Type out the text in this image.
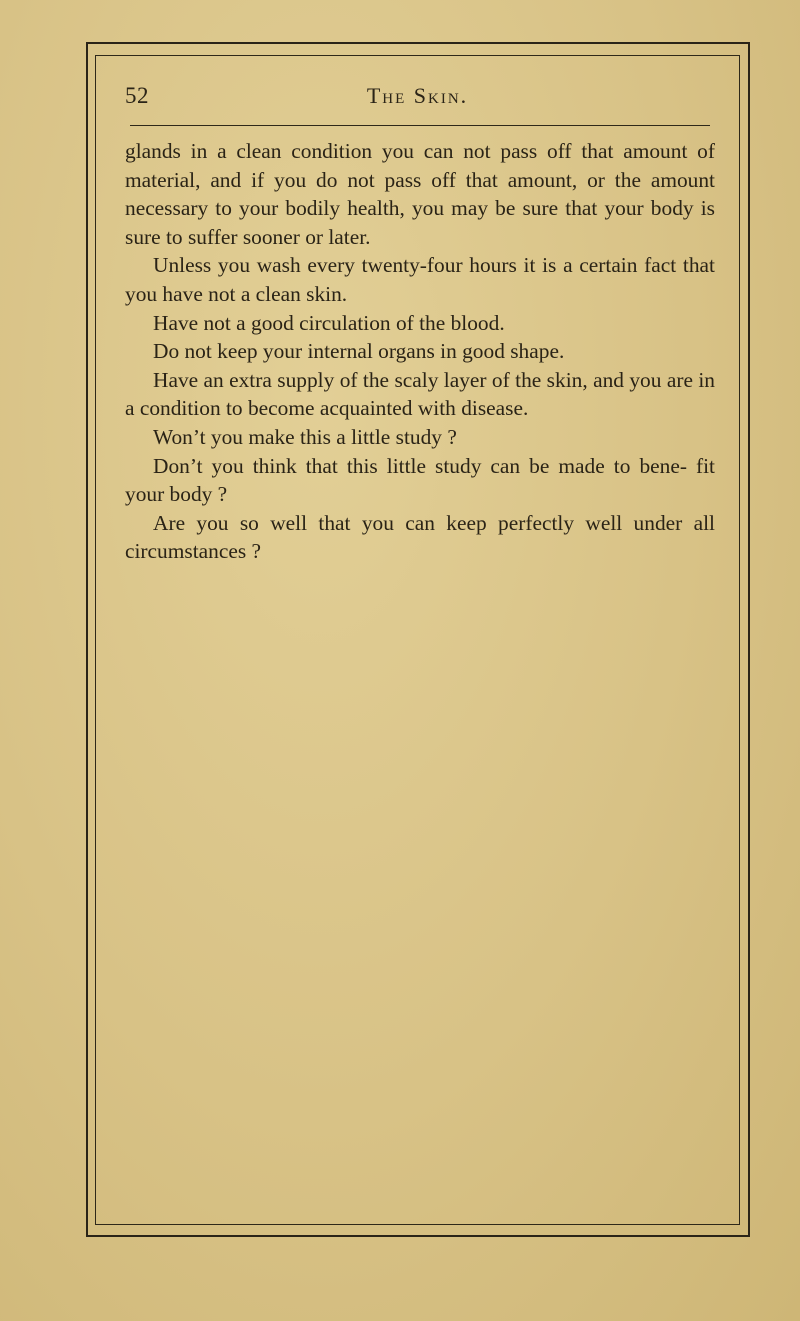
52	The Skin.

glands in a clean condition you can not pass off that amount of material, and if you do not pass off that amount, or the amount necessary to your bodily health, you may be sure that your body is sure to suffer sooner or later.

Unless you wash every twenty-four hours it is a certain fact that you have not a clean skin.

Have not a good circulation of the blood.

Do not keep your internal organs in good shape.

Have an extra supply of the scaly layer of the skin, and you are in a condition to become acquainted with disease.

Won’t you make this a little study ?

Don’t you think that this little study can be made to bene- fit your body ?

Are you so well that you can keep perfectly well under all circumstances ?
